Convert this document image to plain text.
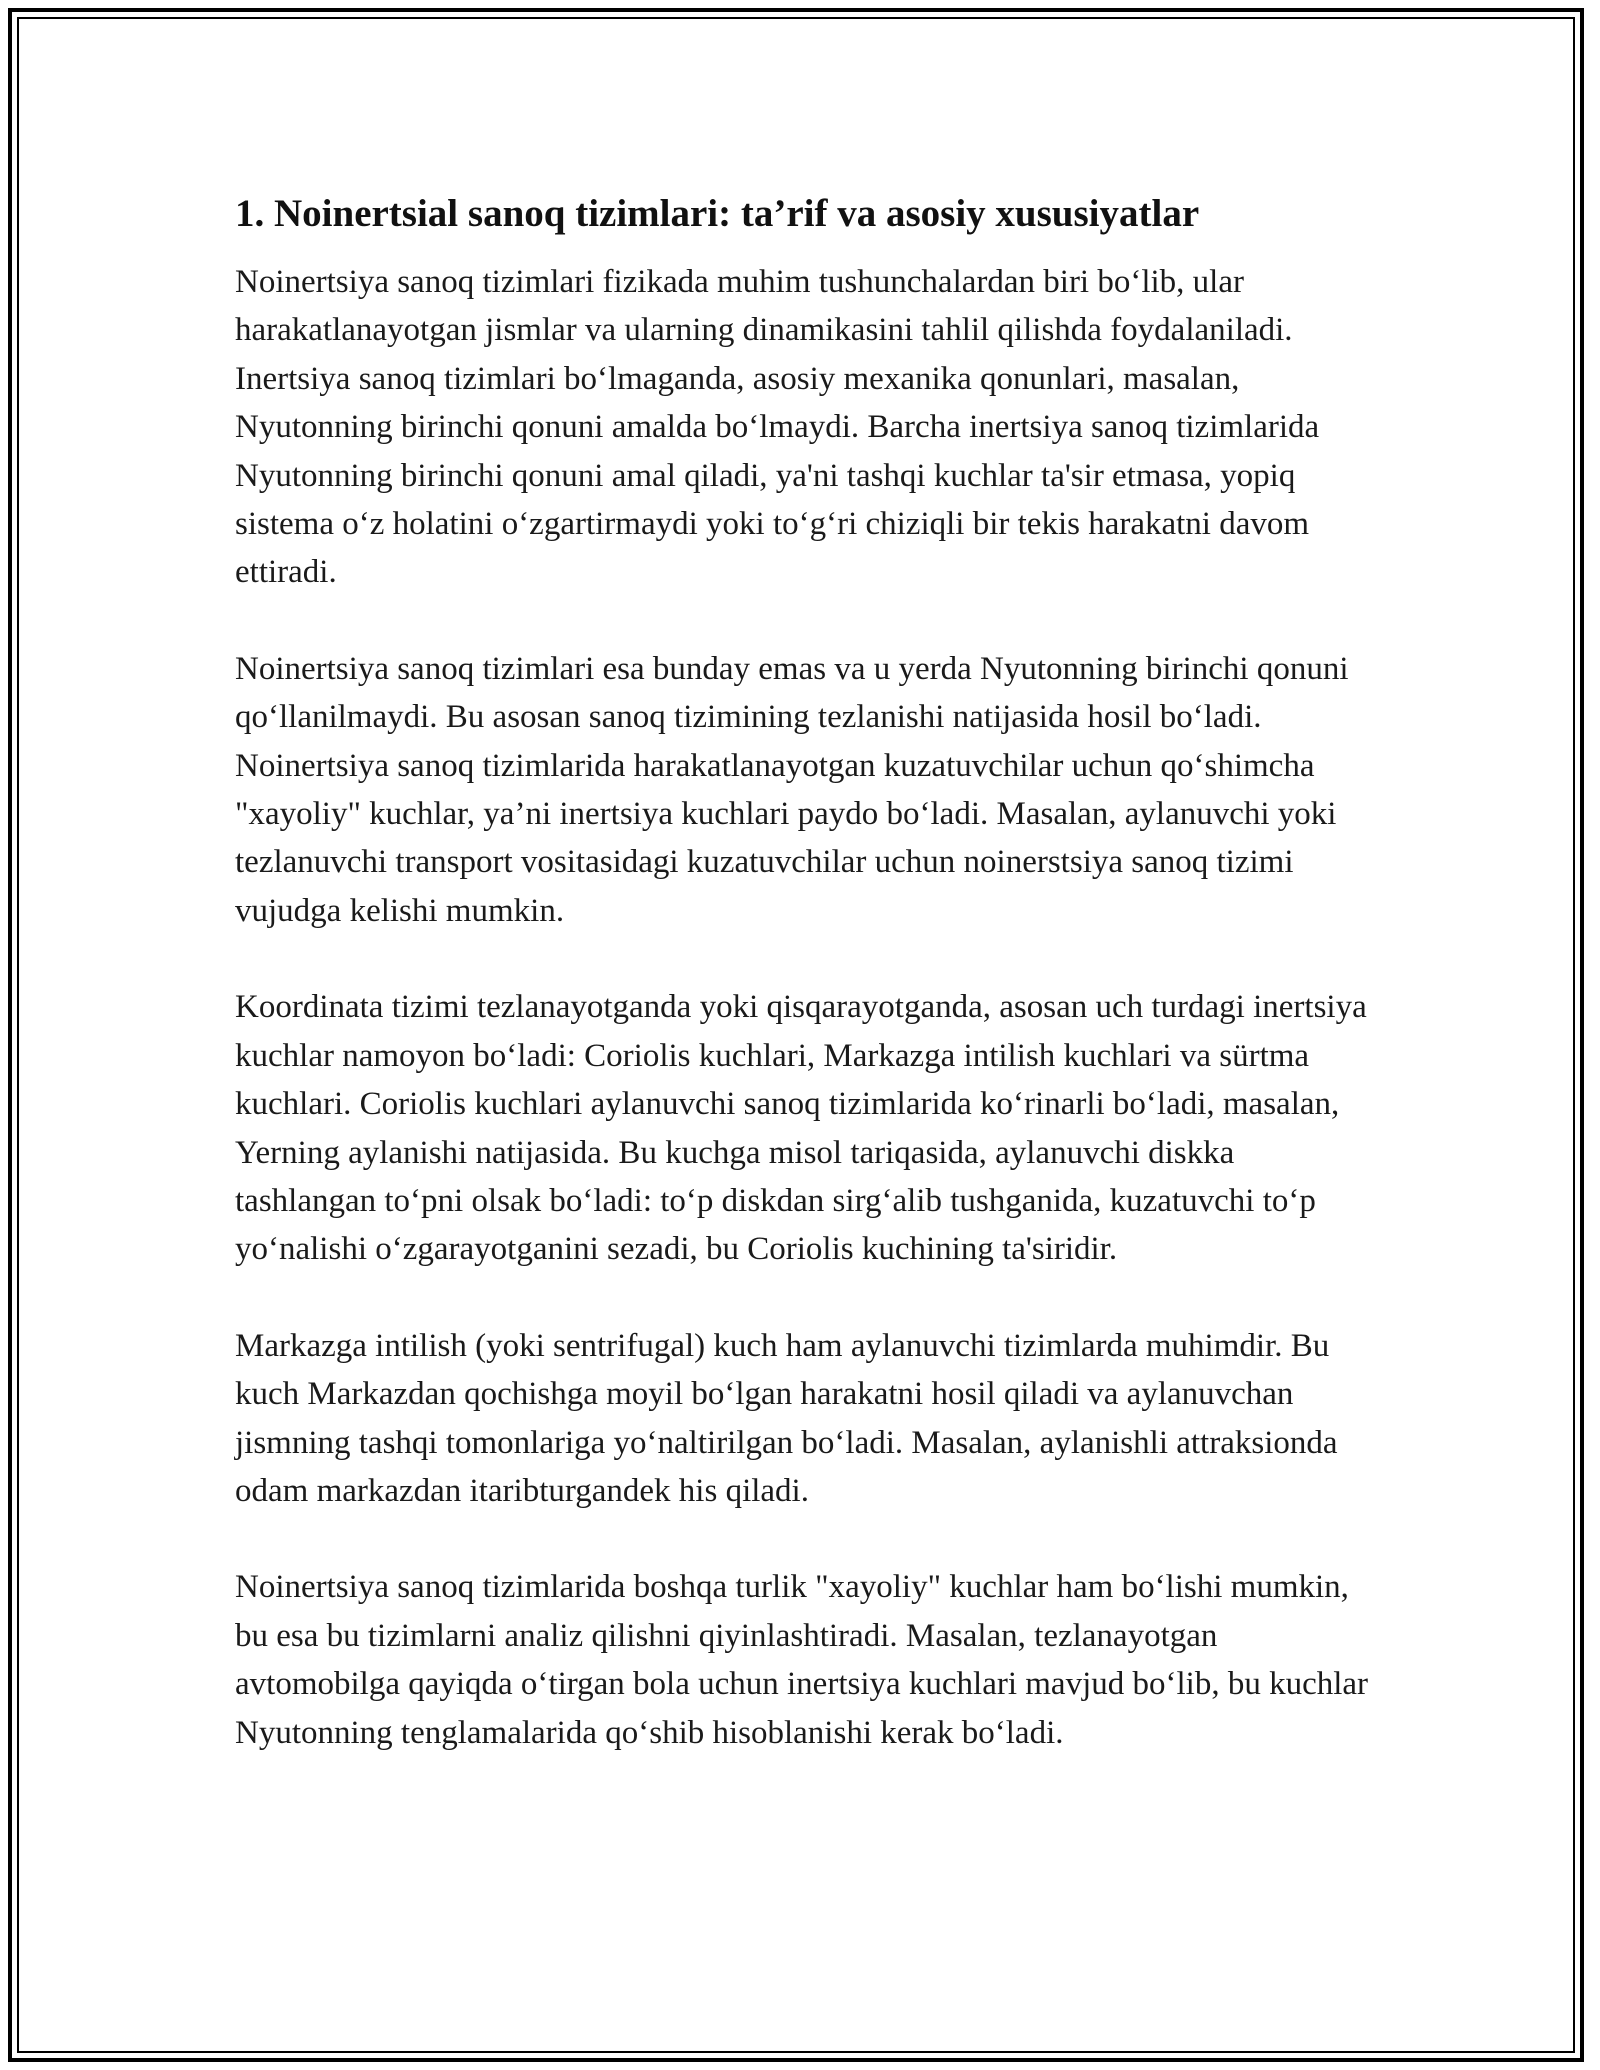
1. Noinertsial sanoq tizimlari: ta’rif va asosiy xususiyatlar

Noinertsiya sanoq tizimlari fizikada muhim tushunchalardan biri bo‘lib, ular harakatlanayotgan jismlar va ularning dinamikasini tahlil qilishda foydalaniladi. Inertsiya sanoq tizimlari bo‘lmaganda, asosiy mexanika qonunlari, masalan, Nyutonning birinchi qonuni amalda bo‘lmaydi. Barcha inertsiya sanoq tizimlarida Nyutonning birinchi qonuni amal qiladi, ya'ni tashqi kuchlar ta'sir etmasa, yopiq sistema o‘z holatini o‘zgartirmaydi yoki to‘g‘ri chiziqli bir tekis harakatni davom ettiradi.

Noinertsiya sanoq tizimlari esa bunday emas va u yerda Nyutonning birinchi qonuni qo‘llanilmaydi. Bu asosan sanoq tizimining tezlanishi natijasida hosil bo‘ladi. Noinertsiya sanoq tizimlarida harakatlanayotgan kuzatuvchilar uchun qo‘shimcha "xayoliy" kuchlar, ya’ni inertsiya kuchlari paydo bo‘ladi. Masalan, aylanuvchi yoki tezlanuvchi transport vositasidagi kuzatuvchilar uchun noinerstsiya sanoq tizimi vujudga kelishi mumkin.

Koordinata tizimi tezlanayotganda yoki qisqarayotganda, asosan uch turdagi inertsiya kuchlar namoyon bo‘ladi: Coriolis kuchlari, Markazga intilish kuchlari va sürtma kuchlari. Coriolis kuchlari aylanuvchi sanoq tizimlarida ko‘rinarli bo‘ladi, masalan, Yerning aylanishi natijasida. Bu kuchga misol tariqasida, aylanuvchi diskka tashlangan to‘pni olsak bo‘ladi: to‘p diskdan sirg‘alib tushganida, kuzatuvchi to‘p yo‘nalishi o‘zgarayotganini sezadi, bu Coriolis kuchining ta'siridir.

Markazga intilish (yoki sentrifugal) kuch ham aylanuvchi tizimlarda muhimdir. Bu kuch Markazdan qochishga moyil bo‘lgan harakatni hosil qiladi va aylanuvchan jismning tashqi tomonlariga yo‘naltirilgan bo‘ladi. Masalan, aylanishli attraksionda odam markazdan itaribturgandek his qiladi.

Noinertsiya sanoq tizimlarida boshqa turlik "xayoliy" kuchlar ham bo‘lishi mumkin, bu esa bu tizimlarni analiz qilishni qiyinlashtiradi. Masalan, tezlanayotgan avtomobilga qayiqda o‘tirgan bola uchun inertsiya kuchlari mavjud bo‘lib, bu kuchlar Nyutonning tenglamalarida qo‘shib hisoblanishi kerak bo‘ladi.
